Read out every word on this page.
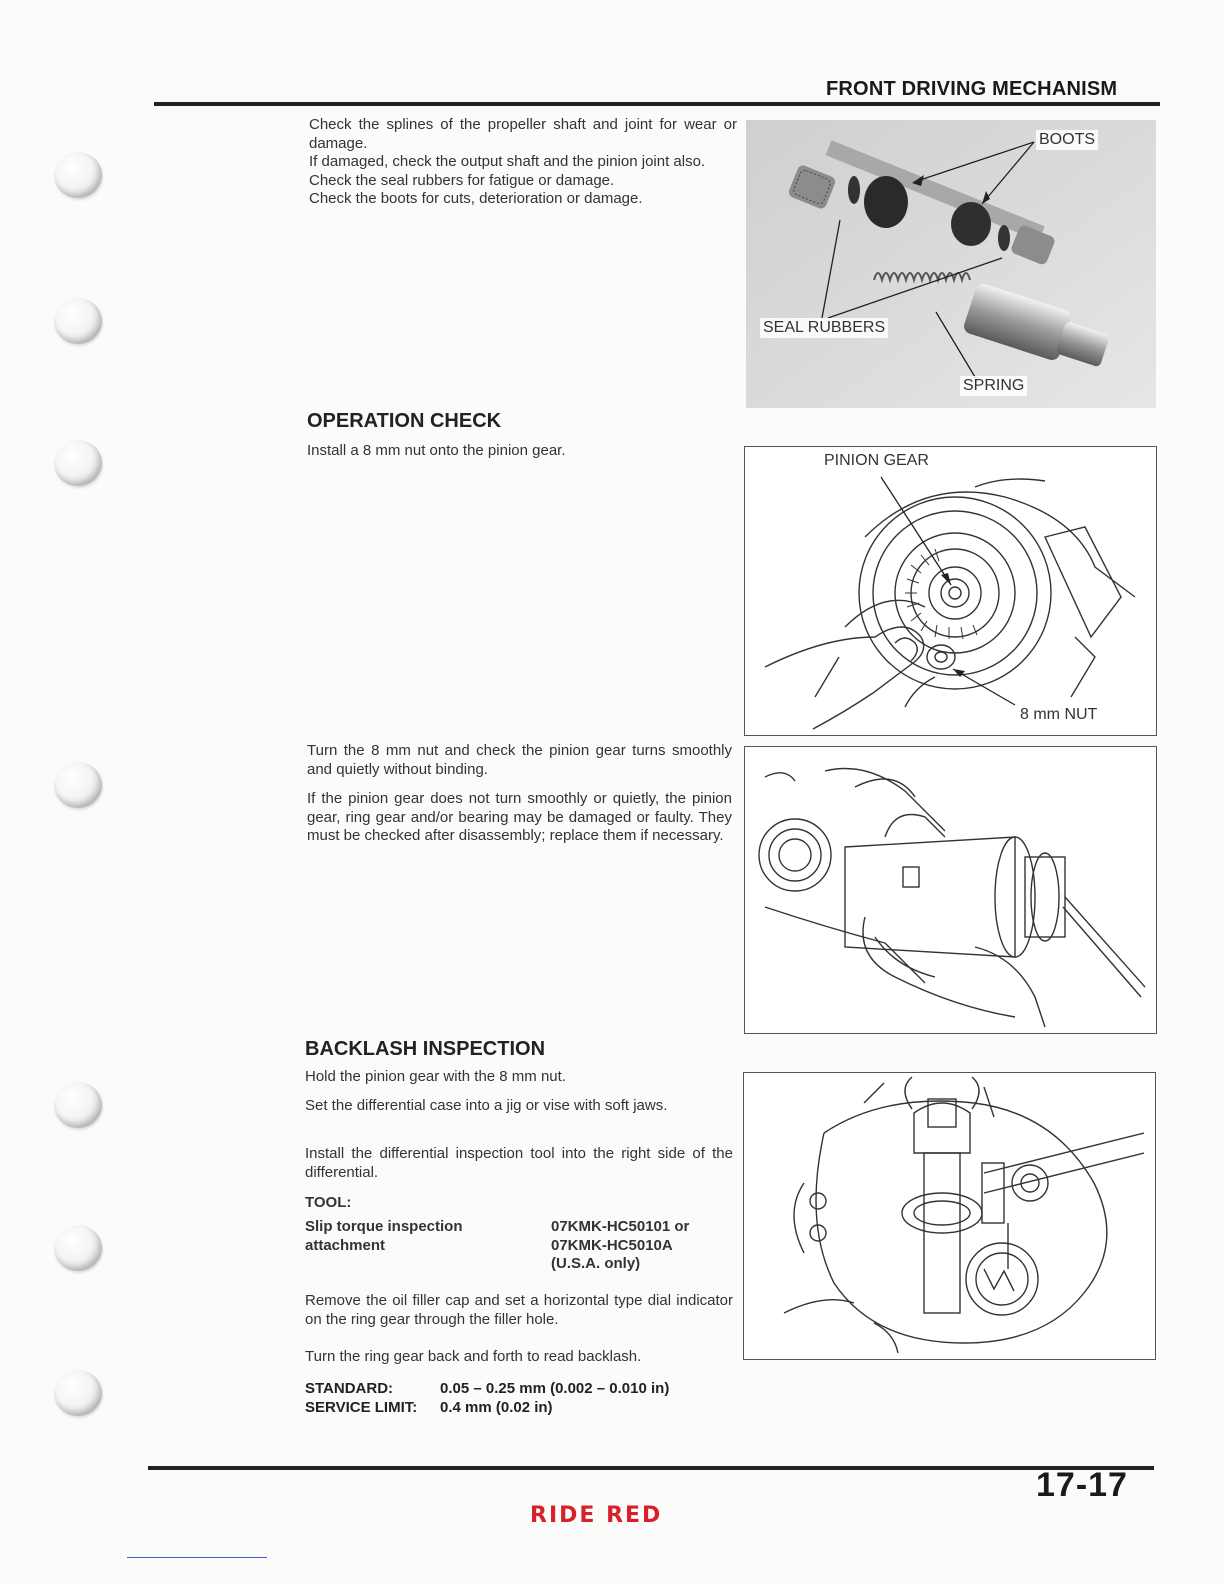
FRONT DRIVING MECHANISM
Check the splines of the propeller shaft and joint for wear or damage.
If damaged, check the output shaft and the pinion joint also.
Check the seal rubbers for fatigue or damage.
Check the boots for cuts, deterioration or damage.
BOOTS
SEAL RUBBERS
SPRING
OPERATION CHECK
Install a 8 mm nut onto the pinion gear.
PINION GEAR
8 mm NUT
Turn the 8 mm nut and check the pinion gear turns smoothly and quietly without binding.
If the pinion gear does not turn smoothly or quietly, the pinion gear, ring gear and/or bearing may be damaged or faulty. They must be checked after disassembly; replace them if necessary.
BACKLASH INSPECTION
Hold the pinion gear with the 8 mm nut.
Set the differential case into a jig or vise with soft jaws.
Install the differential inspection tool into the right side of the differential.
TOOL:
Slip torque inspection
attachment
07KMK-HC50101 or
07KMK-HC5010A
(U.S.A. only)
Remove the oil filler cap and set a horizontal type dial indicator on the ring gear through the filler hole.
Turn the ring gear back and forth to read backlash.
STANDARD:	0.05 – 0.25 mm (0.002 – 0.010 in)
SERVICE LIMIT: 0.4 mm (0.02 in)
17-17
RIDE RED
